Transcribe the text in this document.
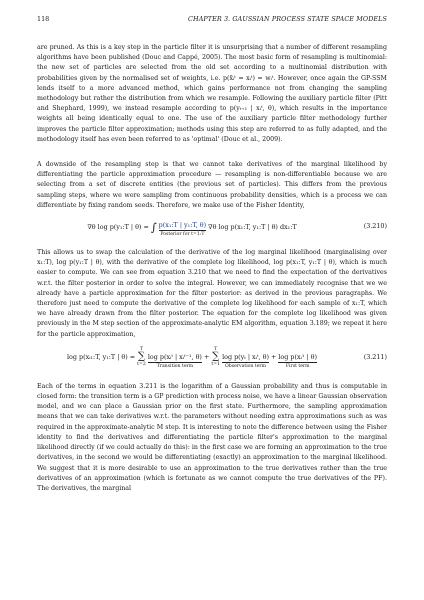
118	CHAPTER 3. GAUSSIAN PROCESS STATE SPACE MODELS

are pruned. As this is a key step in the particle filter it is unsurprising that a number of different resampling algorithms have been published (Douc and Cappé, 2005). The most basic form of resampling is multinomial: the new set of particles are selected from the old set according to a multinomial distribution with probabilities given by the normalised set of weights, i.e. p(x̃ᵢᵗ = xᵢᵗ) = wᵢᵗ. However, once again the GP-SSM lends itself to a more advanced method, which gains performance not from changing the sampling methodology but rather the distribution from which we resample. Following the auxiliary particle filter (Pitt and Shephard, 1999), we instead resample according to p(yₜ₊₁ | xᵢᵗ, θ), which results in the importance weights all being identically equal to one. The use of the auxiliary particle filter methodology further improves the particle filter approximation; methods using this step are referred to as fully adapted, and the methodology itself has even been referred to as 'optimal' (Douc et al., 2009).

A downside of the resampling step is that we cannot take derivatives of the marginal likelihood by differentiating the particle approximation procedure — resampling is non-differentiable because we are selecting from a set of discrete entities (the previous set of particles). This differs from the previous sampling steps, where we were sampling from continuous probability densities, which is a process we can differentiate by fixing random seeds. Therefore, we make use of the Fisher Identity,

∇θ log p(y₁:T | θ) = ∫ p(x₁:T | y₁:T, θ)
Posterior for t=1:T
∇θ log p(x₁:T, y₁:T | θ) dx₁:T	(3.210)

This allows us to swap the calculation of the derivative of the log marginal likelihood (marginalising over x₁:T), log p(y₁:T | θ), with the derivative of the complete log likelihood, log p(x₁:T, y₁:T | θ), which is much easier to compute. We can see from equation 3.210 that we need to find the expectation of the derivatives w.r.t. the filter posterior in order to solve the integral. However, we can immediately recognise that we we already have a particle approximation for the filter posterior: as derived in the previous paragraphs. We therefore just need to compute the derivative of the complete log likelihood for each sample of x₁:T, which we have already drawn from the filter posterior. The equation for the complete log likelihood was given previously in the M step section of the approximate-analytic EM algorithm, equation 3.189; we repeat it here for the particle approximation,

log p(xᵢ₁:T, y₁:T | θ) = T
∑
t=2 log p(xᵢᵗ | xᵢᵗ⁻¹, θ)
Transition term
+ T
∑
t=1 log p(yₜ | xᵢᵗ, θ)
Observation term
+ log p(xᵢ¹ | θ)
First term
(3.211)

Each of the terms in equation 3.211 is the logarithm of a Gaussian probability and thus is computable in closed form: the transition term is a GP prediction with process noise, we have a linear Gaussian observation model, and we can place a Gaussian prior on the first state. Furthermore, the sampling approximation means that we can take derivatives w.r.t. the parameters without needing extra approximations such as was required in the approximate-analytic M step. It is interesting to note the difference between using the Fisher identity to find the derivatives and differentiating the particle filter's approximation to the marginal likelihood directly (if we could actually do this): in the first case we are forming an approximation to the true derivatives, in the second we would be differentiating (exactly) an approximation to the marginal likelihood. We suggest that it is more desirable to use an approximation to the true derivatives rather than the true derivatives of an approximation (which is fortunate as we cannot compute the true derivatives of the PF). The derivatives, the marginal
